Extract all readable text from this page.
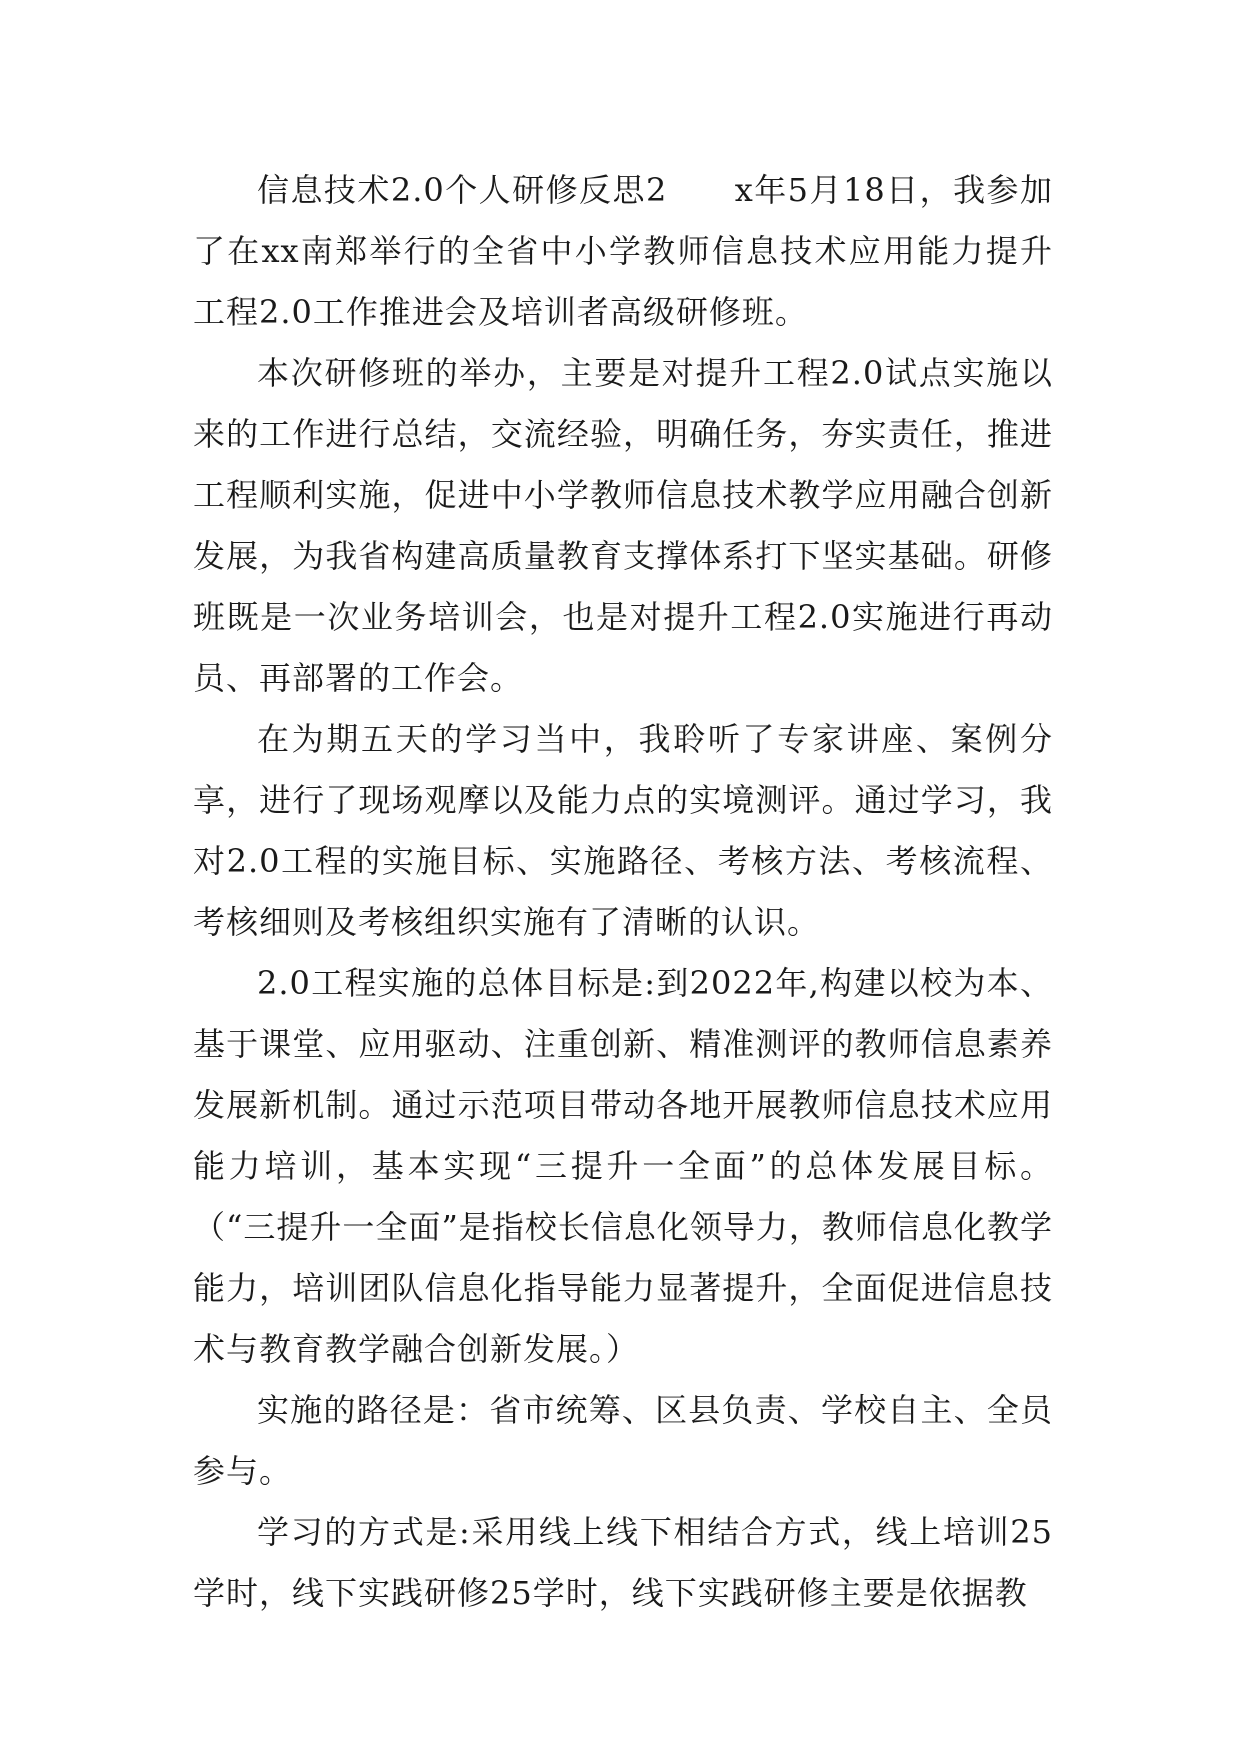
信息技术2.0个人研修反思2　　x年5月18日，我参加了在xx南郑举行的全省中小学教师信息技术应用能力提升工程2.0工作推进会及培训者高级研修班。

本次研修班的举办，主要是对提升工程2.0试点实施以来的工作进行总结，交流经验，明确任务，夯实责任，推进工程顺利实施，促进中小学教师信息技术教学应用融合创新发展，为我省构建高质量教育支撑体系打下坚实基础。研修班既是一次业务培训会，也是对提升工程2.0实施进行再动员、再部署的工作会。

在为期五天的学习当中，我聆听了专家讲座、案例分享，进行了现场观摩以及能力点的实境测评。通过学习，我对2.0工程的实施目标、实施路径、考核方法、考核流程、考核细则及考核组织实施有了清晰的认识。

2.0工程实施的总体目标是:到2022年,构建以校为本、基于课堂、应用驱动、注重创新、精准测评的教师信息素养发展新机制。通过示范项目带动各地开展教师信息技术应用能力培训，基本实现“三提升一全面”的总体发展目标。（“三提升一全面”是指校长信息化领导力，教师信息化教学能力，培训团队信息化指导能力显著提升，全面促进信息技术与教育教学融合创新发展。）

实施的路径是：省市统筹、区县负责、学校自主、全员参与。

学习的方式是:采用线上线下相结合方式，线上培训25学时，线下实践研修25学时，线下实践研修主要是依据教
